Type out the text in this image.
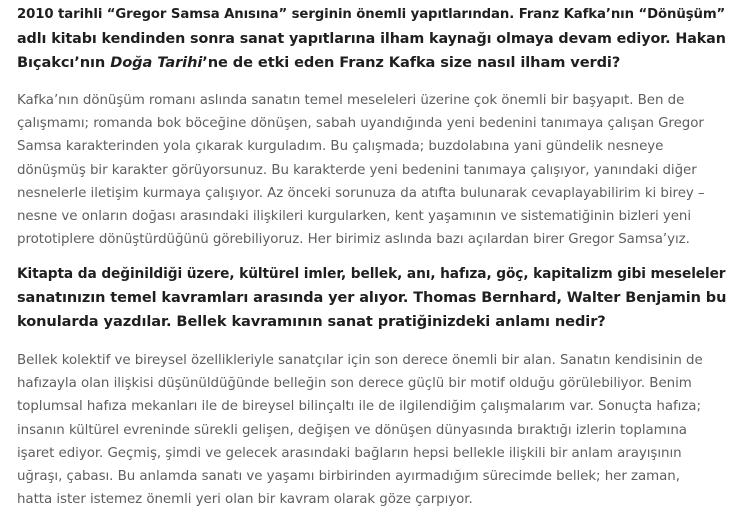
2010 tarihli “Gregor Samsa Anısına” serginin önemli yapıtlarından. Franz Kafka’nın “Dönüşüm”
adlı kitabı kendinden sonra sanat yapıtlarına ilham kaynağı olmaya devam ediyor. Hakan
Bıçakcı’nın Doğa Tarihi’ne de etki eden Franz Kafka size nasıl ilham verdi?

Kafka’nın dönüşüm romanı aslında sanatın temel meseleleri üzerine çok önemli bir başyapıt. Ben de
çalışmamı; romanda bok böceğine dönüşen, sabah uyandığında yeni bedenini tanımaya çalışan Gregor
Samsa karakterinden yola çıkarak kurguladım. Bu çalışmada; buzdolabına yani gündelik nesneye
dönüşmüş bir karakter görüyorsunuz. Bu karakterde yeni bedenini tanımaya çalışıyor, yanındaki diğer
nesnelerle iletişim kurmaya çalışıyor. Az önceki sorunuza da atıfta bulunarak cevaplayabilirim ki birey –
nesne ve onların doğası arasındaki ilişkileri kurgularken, kent yaşamının ve sistematiğinin bizleri yeni
prototiplere dönüştürdüğünü görebiliyoruz. Her birimiz aslında bazı açılardan birer Gregor Samsa’yız.

Kitapta da değinildiği üzere, kültürel imler, bellek, anı, hafıza, göç, kapitalizm gibi meseleler
sanatınızın temel kavramları arasında yer alıyor. Thomas Bernhard, Walter Benjamin bu
konularda yazdılar. Bellek kavramının sanat pratiğinizdeki anlamı nedir?

Bellek kolektif ve bireysel özellikleriyle sanatçılar için son derece önemli bir alan. Sanatın kendisinin de
hafızayla olan ilişkisi düşünüldüğünde belleğin son derece güçlü bir motif olduğu görülebiliyor. Benim
toplumsal hafıza mekanları ile de bireysel bilinçaltı ile de ilgilendiğim çalışmalarım var. Sonuçta hafıza;
insanın kültürel evreninde sürekli gelişen, değişen ve dönüşen dünyasında bıraktığı izlerin toplamına
işaret ediyor. Geçmiş, şimdi ve gelecek arasındaki bağların hepsi bellekle ilişkili bir anlam arayışının
uğraşı, çabası. Bu anlamda sanatı ve yaşamı birbirinden ayırmadığım sürecimde bellek; her zaman,
hatta ister istemez önemli yeri olan bir kavram olarak göze çarpıyor.
